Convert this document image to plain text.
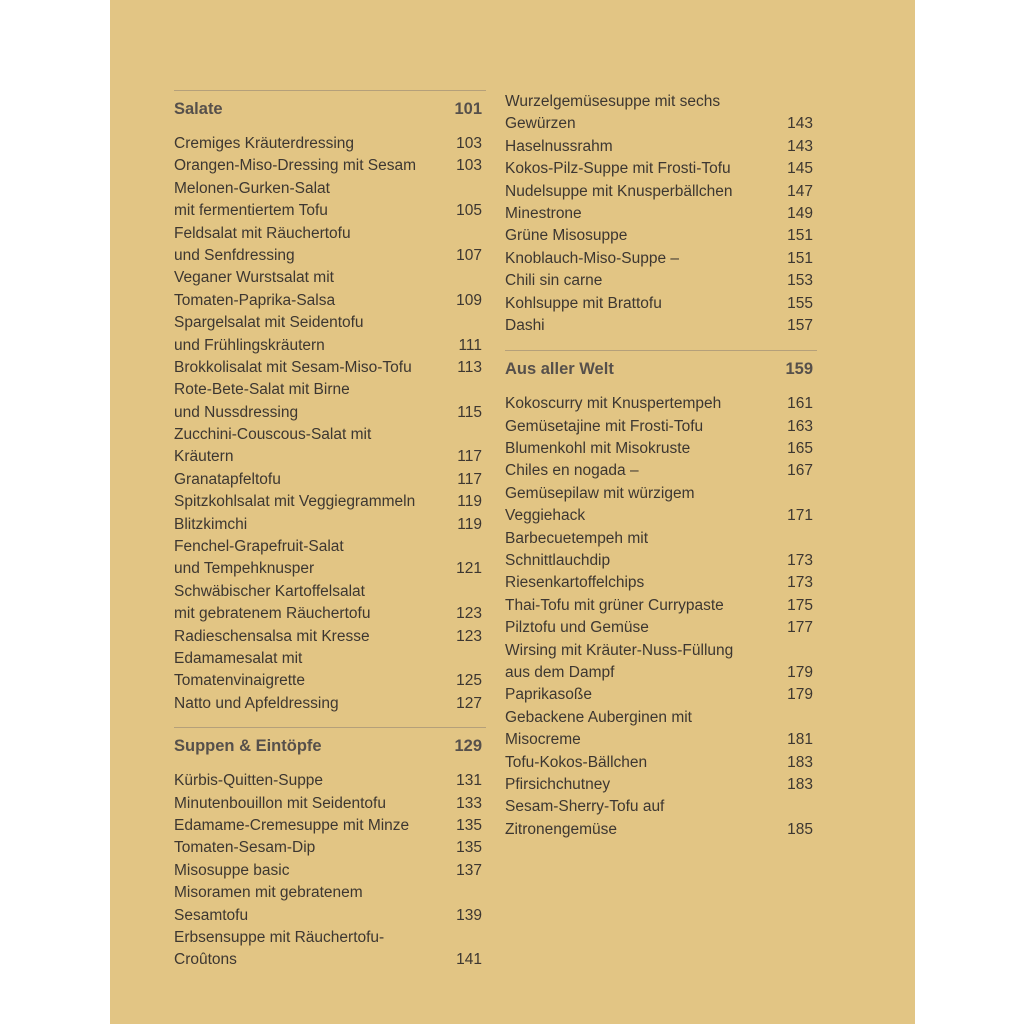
Salate	101
Cremiges Kräuterdressing	103
Orangen-Miso-Dressing mit Sesam	103
Melonen-Gurken-Salat
mit fermentiertem Tofu	105
Feldsalat mit Räuchertofu
und Senfdressing	107
Veganer Wurstsalat mit
Tomaten-Paprika-Salsa	109
Spargelsalat mit Seidentofu
und Frühlingskräutern	111
Brokkolisalat mit Sesam-Miso-Tofu	113
Rote-Bete-Salat mit Birne
und Nussdressing	115
Zucchini-Couscous-Salat mit
Kräutern	117
Granatapfeltofu	117
Spitzkohlsalat mit Veggiegrammeln	119
Blitzkimchi	119
Fenchel-Grapefruit-Salat
und Tempehknusper	121
Schwäbischer Kartoffelsalat
mit gebratenem Räuchertofu	123
Radieschensalsa mit Kresse	123
Edamamesalat mit
Tomatenvinaigrette	125
Natto und Apfeldressing	127
Suppen & Eintöpfe	129
Kürbis-Quitten-Suppe	131
Minutenbouillon mit Seidentofu	133
Edamame-Cremesuppe mit Minze	135
Tomaten-Sesam-Dip	135
Misosuppe basic	137
Misoramen mit gebratenem
Sesamtofu	139
Erbsensuppe mit Räuchertofu-
Croûtons	141
Wurzelgemüsesuppe mit sechs
Gewürzen	143
Haselnussrahm	143
Kokos-Pilz-Suppe mit Frosti-Tofu	145
Nudelsuppe mit Knusperbällchen	147
Minestrone	149
Grüne Misosuppe	151
Knoblauch-Miso-Suppe –	151
Chili sin carne	153
Kohlsuppe mit Brattofu	155
Dashi	157
Aus aller Welt	159
Kokoscurry mit Knuspertempeh	161
Gemüsetajine mit Frosti-Tofu	163
Blumenkohl mit Misokruste	165
Chiles en nogada –	167
Gemüsepilaw mit würzigem
Veggiehack	171
Barbecuetempeh mit
Schnittlauchdip	173
Riesenkartoffelchips	173
Thai-Tofu mit grüner Currypaste	175
Pilztofu und Gemüse	177
Wirsing mit Kräuter-Nuss-Füllung
aus dem Dampf	179
Paprikasoße	179
Gebackene Auberginen mit
Misocreme	181
Tofu-Kokos-Bällchen	183
Pfirsichchutney	183
Sesam-Sherry-Tofu auf
Zitronengemüse	185
